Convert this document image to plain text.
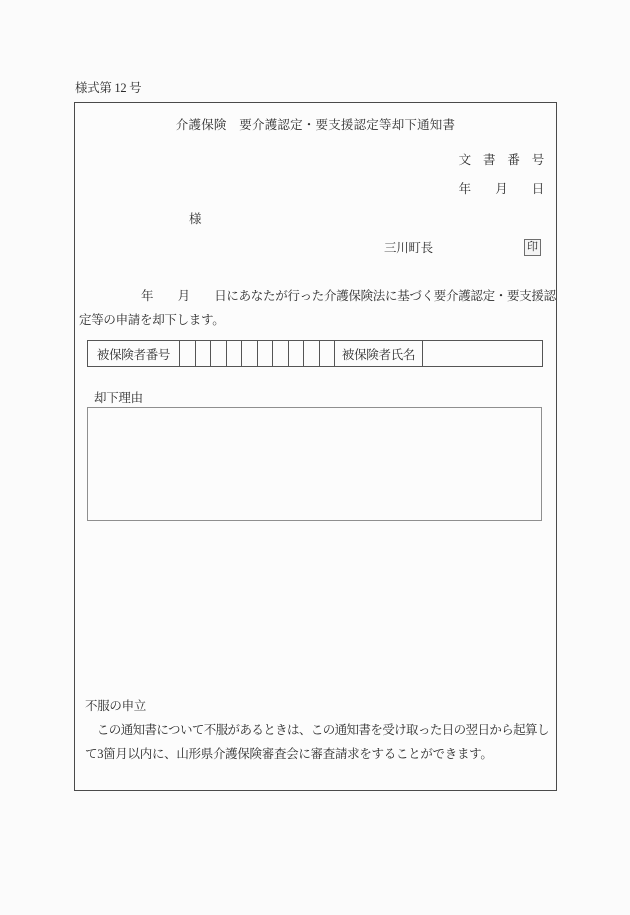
様式第 12 号
介護保険　要介護認定・要支援認定等却下通知書
文　書　番　号
年　　月　　日
様
三川町長	印
年　　月　　日にあなたが行った介護保険法に基づく要介護認定・要支援認
定等の申請を却下します。
被保険者番号	被保険者氏名
却下理由
不服の申立
　この通知書について不服があるときは、この通知書を受け取った日の翌日から起算し
て3箇月以内に、山形県介護保険審査会に審査請求をすることができます。
